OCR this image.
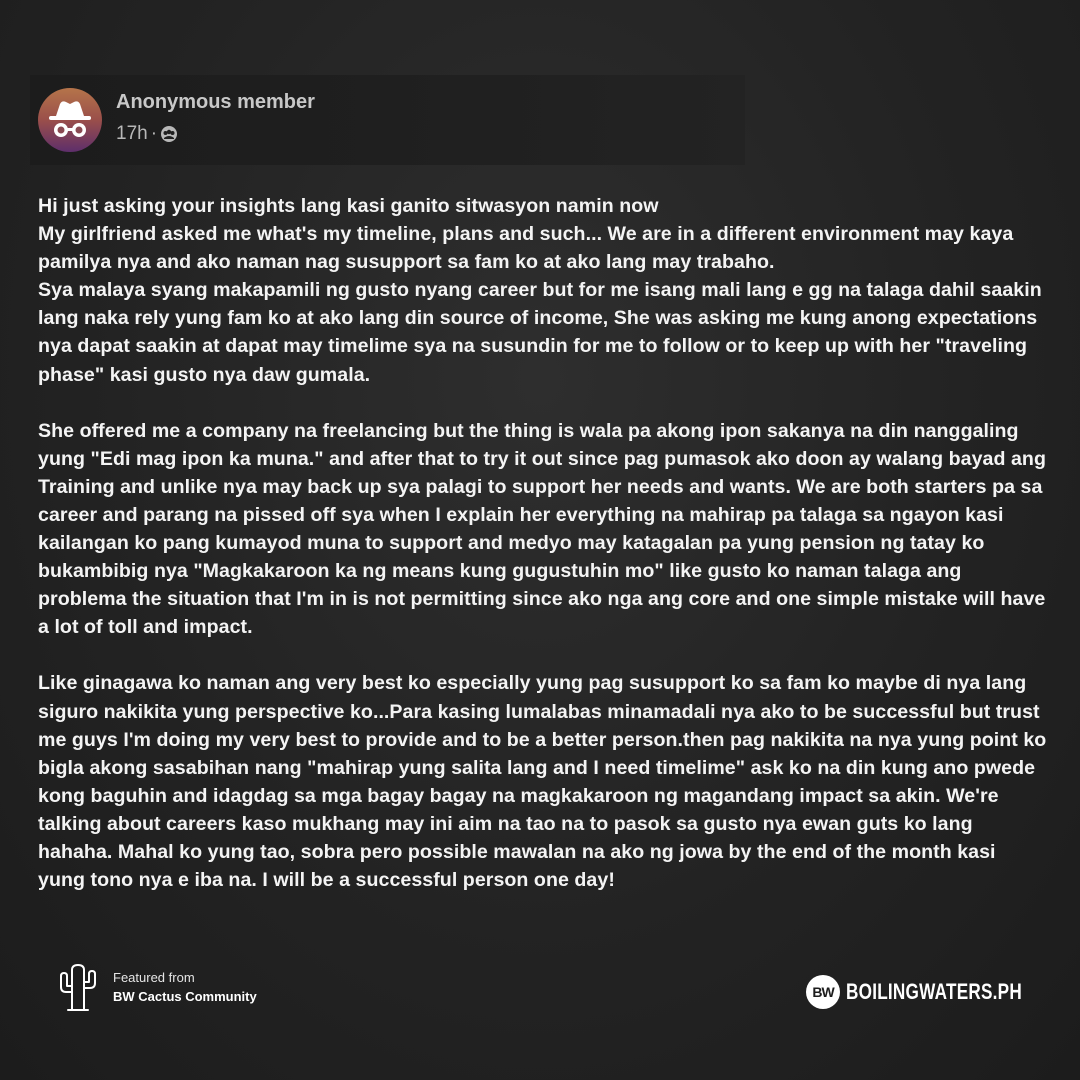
Anonymous member
17h ·

Hi just asking your insights lang kasi ganito sitwasyon namin now
My girlfriend asked me what's my timeline, plans and such... We are in a different environment may kaya pamilya nya and ako naman nag susupport sa fam ko at ako lang may trabaho.
Sya malaya syang makapamili ng gusto nyang career but for me isang mali lang e gg na talaga dahil saakin lang naka rely yung fam ko at ako lang din source of income, She was asking me kung anong expectations nya dapat saakin at dapat may timelime sya na susundin for me to follow or to keep up with her "traveling phase" kasi gusto nya daw gumala.

She offered me a company na freelancing but the thing is wala pa akong ipon sakanya na din nanggaling yung "Edi mag ipon ka muna." and after that to try it out since pag pumasok ako doon ay walang bayad ang Training and unlike nya may back up sya palagi to support her needs and wants. We are both starters pa sa career and parang na pissed off sya when I explain her everything na mahirap pa talaga sa ngayon kasi kailangan ko pang kumayod muna to support and medyo may katagalan pa yung pension ng tatay ko bukambibig nya "Magkakaroon ka ng means kung gugustuhin mo" like gusto ko naman talaga ang problema the situation that I'm in is not permitting since ako nga ang core and one simple mistake will have a lot of toll and impact.

Like ginagawa ko naman ang very best ko especially yung pag susupport ko sa fam ko maybe di nya lang siguro nakikita yung perspective ko...Para kasing lumalabas minamadali nya ako to be successful but trust me guys I'm doing my very best to provide and to be a better person.then pag nakikita na nya yung point ko bigla akong sasabihan nang "mahirap yung salita lang and I need timelime" ask ko na din kung ano pwede kong baguhin and idagdag sa mga bagay bagay na magkakaroon ng magandang impact sa akin. We're talking about careers kaso mukhang may ini aim na tao na to pasok sa gusto nya ewan guts ko lang hahaha. Mahal ko yung tao, sobra pero possible mawalan na ako ng jowa by the end of the month kasi yung tono nya e iba na. I will be a successful person one day!

Featured from
BW Cactus Community	BW BOILINGWATERS.PH
